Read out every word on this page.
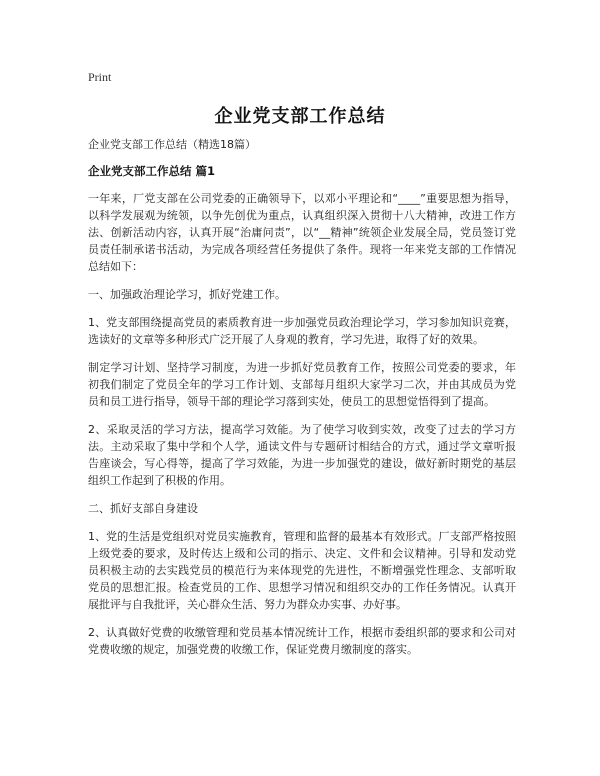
Print
企业党支部工作总结

企业党支部工作总结（精选18篇）

企业党支部工作总结 篇1

一年来，厂党支部在公司党委的正确领导下，以邓小平理论和“____”重要思想为指导，以科学发展观为统领，以争先创优为重点，认真组织深入贯彻十八大精神，改进工作方法、创新活动内容，认真开展“治庸问责”，以“__精神”统领企业发展全局，党员签订党员责任制承诺书活动，为完成各项经营任务提供了条件。现将一年来党支部的工作情况总结如下：

一、加强政治理论学习，抓好党建工作。

1、党支部围绕提高党员的素质教育进一步加强党员政治理论学习，学习参加知识竞赛，选读好的文章等多种形式广泛开展了人身观的教育，学习先进，取得了好的效果。

制定学习计划、坚持学习制度，为进一步抓好党员教育工作，按照公司党委的要求，年初我们制定了党员全年的学习工作计划、支部每月组织大家学习二次，并由其成员为党员和员工进行指导，领导干部的理论学习落到实处，使员工的思想觉悟得到了提高。

2、采取灵活的学习方法，提高学习效能。为了使学习收到实效，改变了过去的学习方法。主动采取了集中学和个人学，通读文件与专题研讨相结合的方式，通过学文章听报告座谈会，写心得等，提高了学习效能，为进一步加强党的建设，做好新时期党的基层组织工作起到了积极的作用。

二、抓好支部自身建设

1、党的生活是党组织对党员实施教育，管理和监督的最基本有效形式。厂支部严格按照上级党委的要求，及时传达上级和公司的指示、决定、文件和会议精神。引导和发动党员积极主动的去实践党员的模范行为来体现党的先进性，不断增强党性理念、支部听取党员的思想汇报。检查党员的工作、思想学习情况和组织交办的工作任务情况。认真开展批评与自我批评，关心群众生活、努力为群众办实事、办好事。

2、认真做好党费的收缴管理和党员基本情况统计工作，根据市委组织部的要求和公司对党费收缴的规定，加强党费的收缴工作，保证党费月缴制度的落实。
